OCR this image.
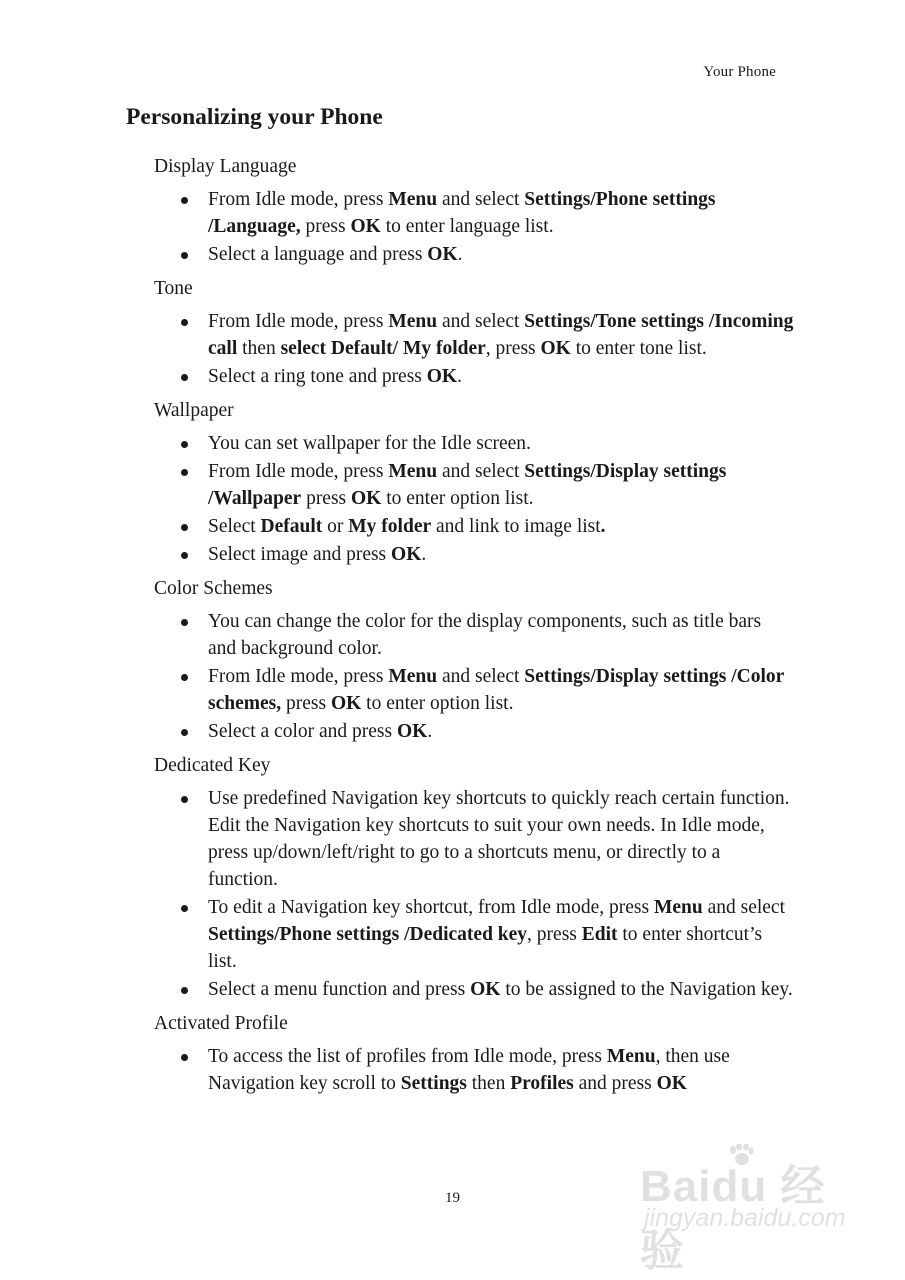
Your Phone
Personalizing your Phone
Display Language
From Idle mode, press Menu and select Settings/Phone settings /Language, press OK to enter language list.
Select a language and press OK.
Tone
From Idle mode, press Menu and select Settings/Tone settings /Incoming call then select Default/ My folder, press OK to enter tone list.
Select a ring tone and press OK.
Wallpaper
You can set wallpaper for the Idle screen.
From Idle mode, press Menu and select Settings/Display settings /Wallpaper press OK to enter option list.
Select Default or My folder and link to image list.
Select image and press OK.
Color Schemes
You can change the color for the display components, such as title bars and background color.
From Idle mode, press Menu and select Settings/Display settings /Color schemes, press OK to enter option list.
Select a color and press OK.
Dedicated Key
Use predefined Navigation key shortcuts to quickly reach certain function. Edit the Navigation key shortcuts to suit your own needs. In Idle mode, press up/down/left/right to go to a shortcuts menu, or directly to a function.
To edit a Navigation key shortcut, from Idle mode, press Menu and select Settings/Phone settings /Dedicated key, press Edit to enter shortcut’s list.
Select a menu function and press OK to be assigned to the Navigation key.
Activated Profile
To access the list of profiles from Idle mode, press Menu, then use Navigation key scroll to Settings then Profiles and press OK
19	Baidu 经验
jingyan.baidu.com
